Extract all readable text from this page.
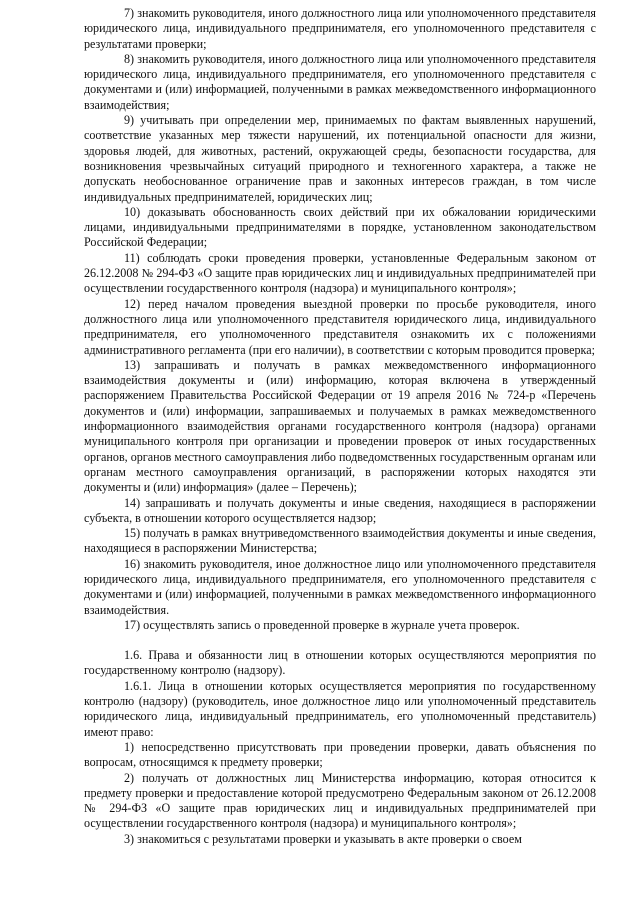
7) знакомить руководителя, иного должностного лица или уполномоченного представителя юридического лица, индивидуального предпринимателя, его уполномоченного представителя с результатами проверки;

8) знакомить руководителя, иного должностного лица или уполномоченного представителя юридического лица, индивидуального предпринимателя, его уполномоченного представителя с документами и (или) информацией, полученными в рамках межведомственного информационного взаимодействия;

9) учитывать при определении мер, принимаемых по фактам выявленных нарушений, соответствие указанных мер тяжести нарушений, их потенциальной опасности для жизни, здоровья людей, для животных, растений, окружающей среды, безопасности государства, для возникновения чрезвычайных ситуаций природного и техногенного характера, а также не допускать необоснованное ограничение прав и законных интересов граждан, в том числе индивидуальных предпринимателей, юридических лиц;

10) доказывать обоснованность своих действий при их обжаловании юридическими лицами, индивидуальными предпринимателями в порядке, установленном законодательством Российской Федерации;

11) соблюдать сроки проведения проверки, установленные Федеральным законом от 26.12.2008 № 294-ФЗ «О защите прав юридических лиц и индивидуальных предпринимателей при осуществлении государственного контроля (надзора) и муниципального контроля»;

12) перед началом проведения выездной проверки по просьбе руководителя, иного должностного лица или уполномоченного представителя юридического лица, индивидуального предпринимателя, его уполномоченного представителя ознакомить их с положениями административного регламента (при его наличии), в соответствии с которым проводится проверка;

13) запрашивать и получать в рамках межведомственного информационного взаимодействия документы и (или) информацию, которая включена в утвержденный распоряжением Правительства Российской Федерации от 19 апреля 2016 № 724-р «Перечень документов и (или) информации, запрашиваемых и получаемых в рамках межведомственного информационного взаимодействия органами государственного контроля (надзора) органами муниципального контроля при организации и проведении проверок от иных государственных органов, органов местного самоуправления либо подведомственных государственным органам или органам местного самоуправления организаций, в распоряжении которых находятся эти документы и (или) информация» (далее – Перечень);

14) запрашивать и получать документы и иные сведения, находящиеся в распоряжении субъекта, в отношении которого осуществляется надзор;

15) получать в рамках внутриведомственного взаимодействия документы и иные сведения, находящиеся в распоряжении Министерства;

16) знакомить руководителя, иное должностное лицо или уполномоченного представителя юридического лица, индивидуального предпринимателя, его уполномоченного представителя с документами и (или) информацией, полученными в рамках межведомственного информационного взаимодействия.

17) осуществлять запись о проведенной проверке в журнале учета проверок.

1.6. Права и обязанности лиц в отношении которых осуществляются мероприятия по государственному контролю (надзору).

1.6.1. Лица в отношении которых осуществляется мероприятия по государственному контролю (надзору) (руководитель, иное должностное лицо или уполномоченный представитель юридического лица, индивидуальный предприниматель, его уполномоченный представитель) имеют право:

1) непосредственно присутствовать при проведении проверки, давать объяснения по вопросам, относящимся к предмету проверки;

2) получать от должностных лиц Министерства информацию, которая относится к предмету проверки и предоставление которой предусмотрено Федеральным законом от 26.12.2008 № 294-ФЗ «О защите прав юридических лиц и индивидуальных предпринимателей при осуществлении государственного контроля (надзора) и муниципального контроля»;

3) знакомиться с результатами проверки и указывать в акте проверки о своем
